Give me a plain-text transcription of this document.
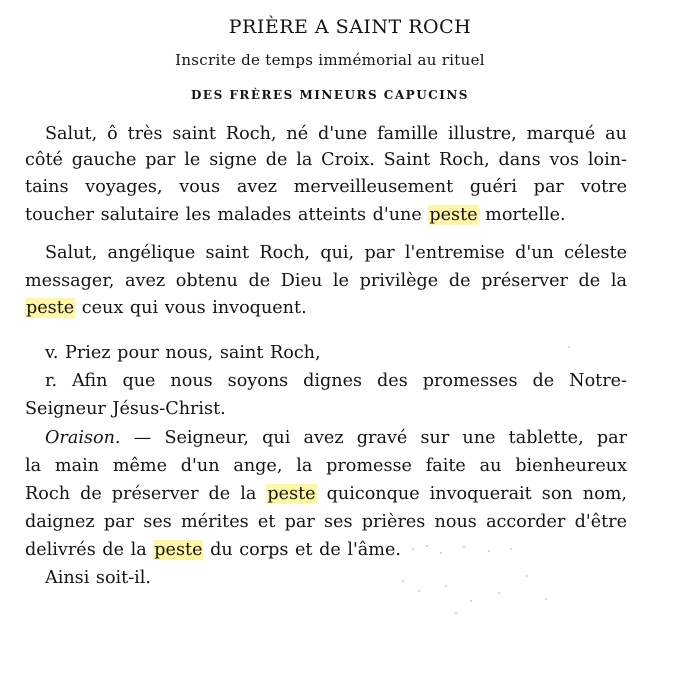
PRIÈRE A SAINT ROCH
Inscrite de temps immémorial au rituel
DES FRÈRES MINEURS CAPUCINS
Salut, ô très saint Roch, né d'une famille illustre, marqué au
côté gauche par le signe de la Croix. Saint Roch, dans vos loin-
tains voyages, vous avez merveilleusement guéri par votre
toucher salutaire les malades atteints d'une peste mortelle.
Salut, angélique saint Roch, qui, par l'entremise d'un céleste
messager, avez obtenu de Dieu le privilège de préserver de la
peste ceux qui vous invoquent.
v. Priez pour nous, saint Roch,
r. Afin que nous soyons dignes des promesses de Notre-
Seigneur Jésus-Christ.
Oraison. — Seigneur, qui avez gravé sur une tablette, par
la main même d'un ange, la promesse faite au bienheureux
Roch de préserver de la peste quiconque invoquerait son nom,
daignez par ses mérites et par ses prières nous accorder d'être
delivrés de la peste du corps et de l'âme.
Ainsi soit-il.
